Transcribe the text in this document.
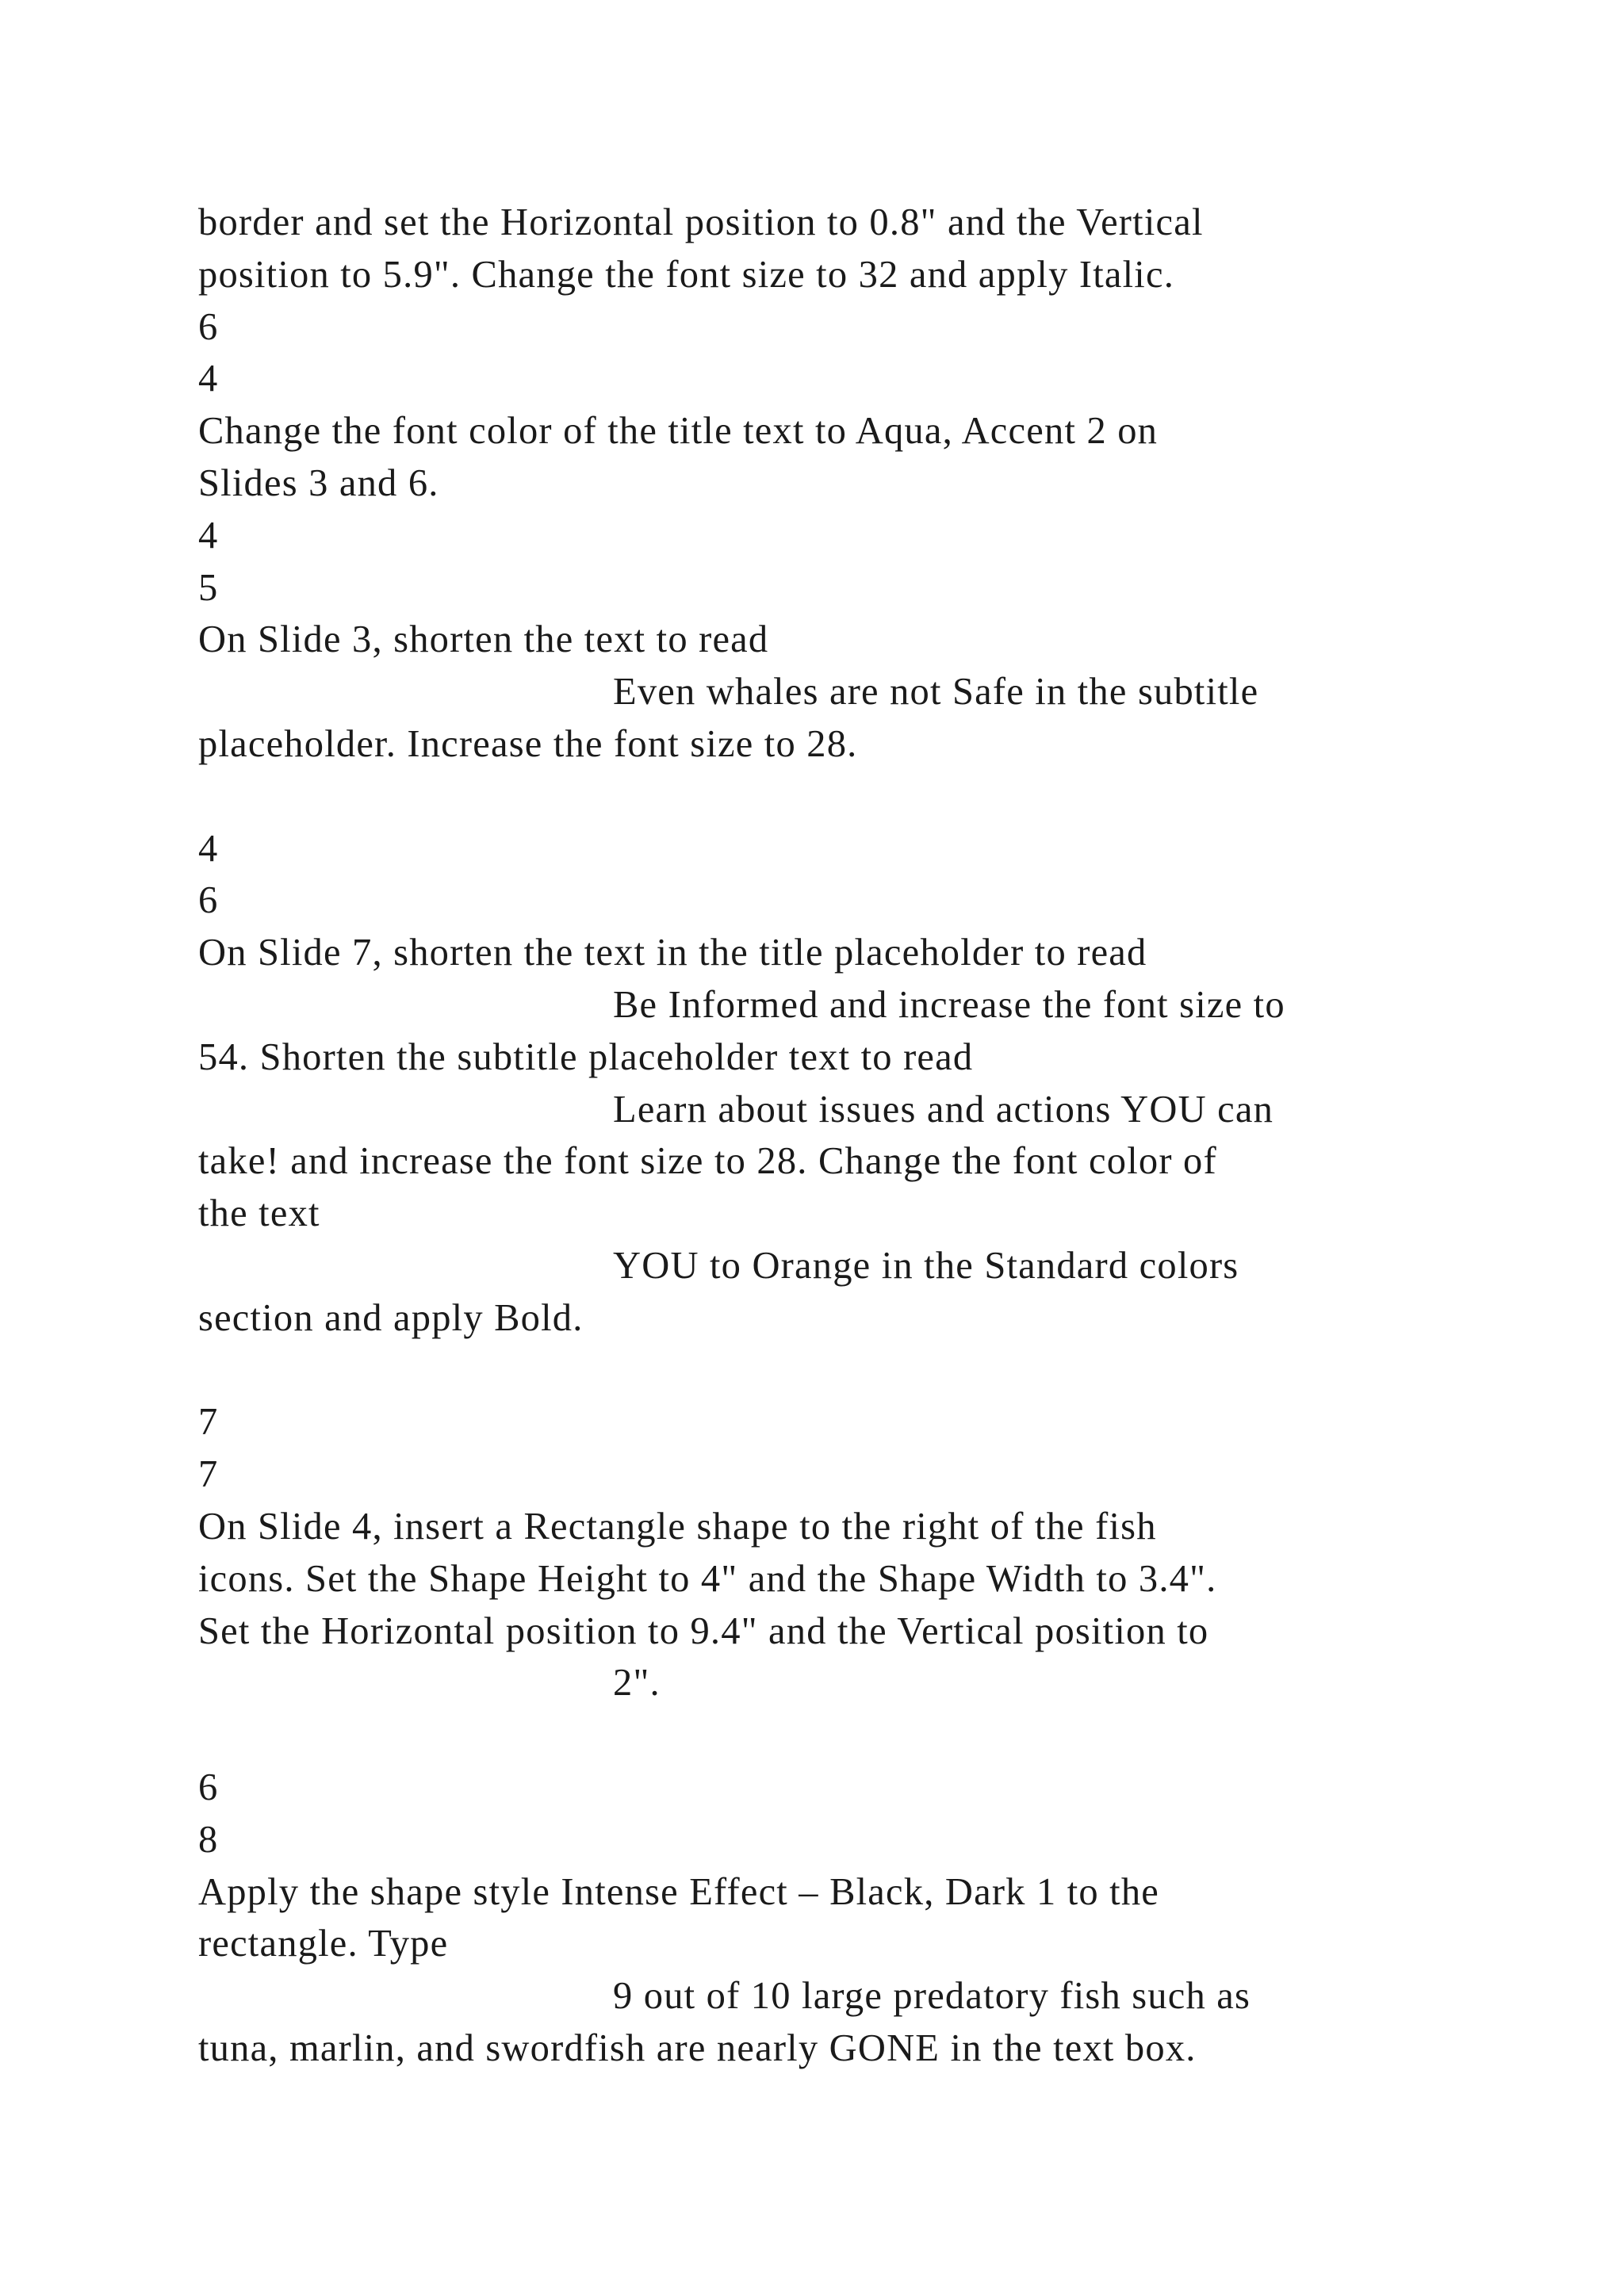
border and set the Horizontal position to 0.8" and the Vertical
position to 5.9". Change the font size to 32 and apply Italic.
6
4
Change the font color of the title text to Aqua, Accent 2 on
Slides 3 and 6.
4
5
On Slide 3, shorten the text to read
Even whales are not Safe in the subtitle
placeholder. Increase the font size to 28.
4
6
On Slide 7, shorten the text in the title placeholder to read
Be Informed and increase the font size to
54. Shorten the subtitle placeholder text to read
Learn about issues and actions YOU can
take! and increase the font size to 28. Change the font color of
the text
YOU to Orange in the Standard colors
section and apply Bold.
7
7
On Slide 4, insert a Rectangle shape to the right of the fish
icons. Set the Shape Height to 4" and the Shape Width to 3.4".
Set the Horizontal position to 9.4" and the Vertical position to
2".
6
8
Apply the shape style Intense Effect – Black, Dark 1 to the
rectangle. Type
9 out of 10 large predatory fish such as
tuna, marlin, and swordfish are nearly GONE in the text box.
